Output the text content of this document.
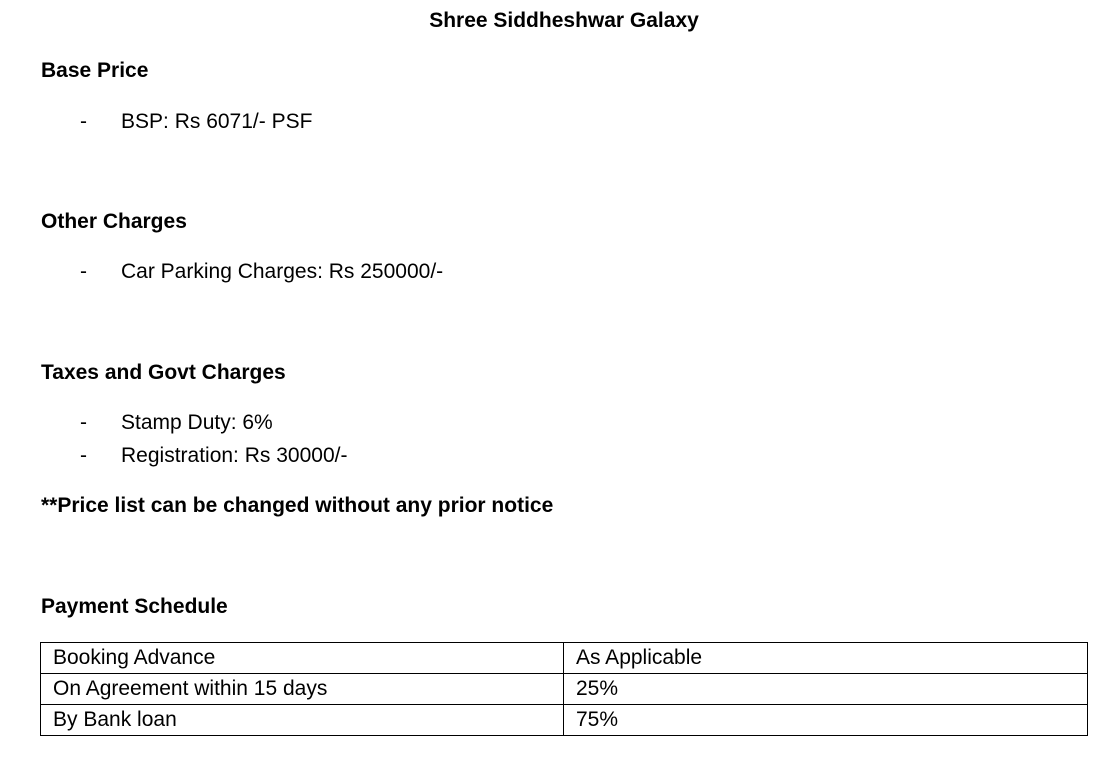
Shree Siddheshwar Galaxy
Base Price
- BSP: Rs 6071/- PSF
Other Charges
- Car Parking Charges: Rs 250000/-
Taxes and Govt Charges
- Stamp Duty: 6%
- Registration: Rs 30000/-
**Price list can be changed without any prior notice
Payment Schedule
Booking Advance	As Applicable
On Agreement within 15 days	25%
By Bank loan	75%
